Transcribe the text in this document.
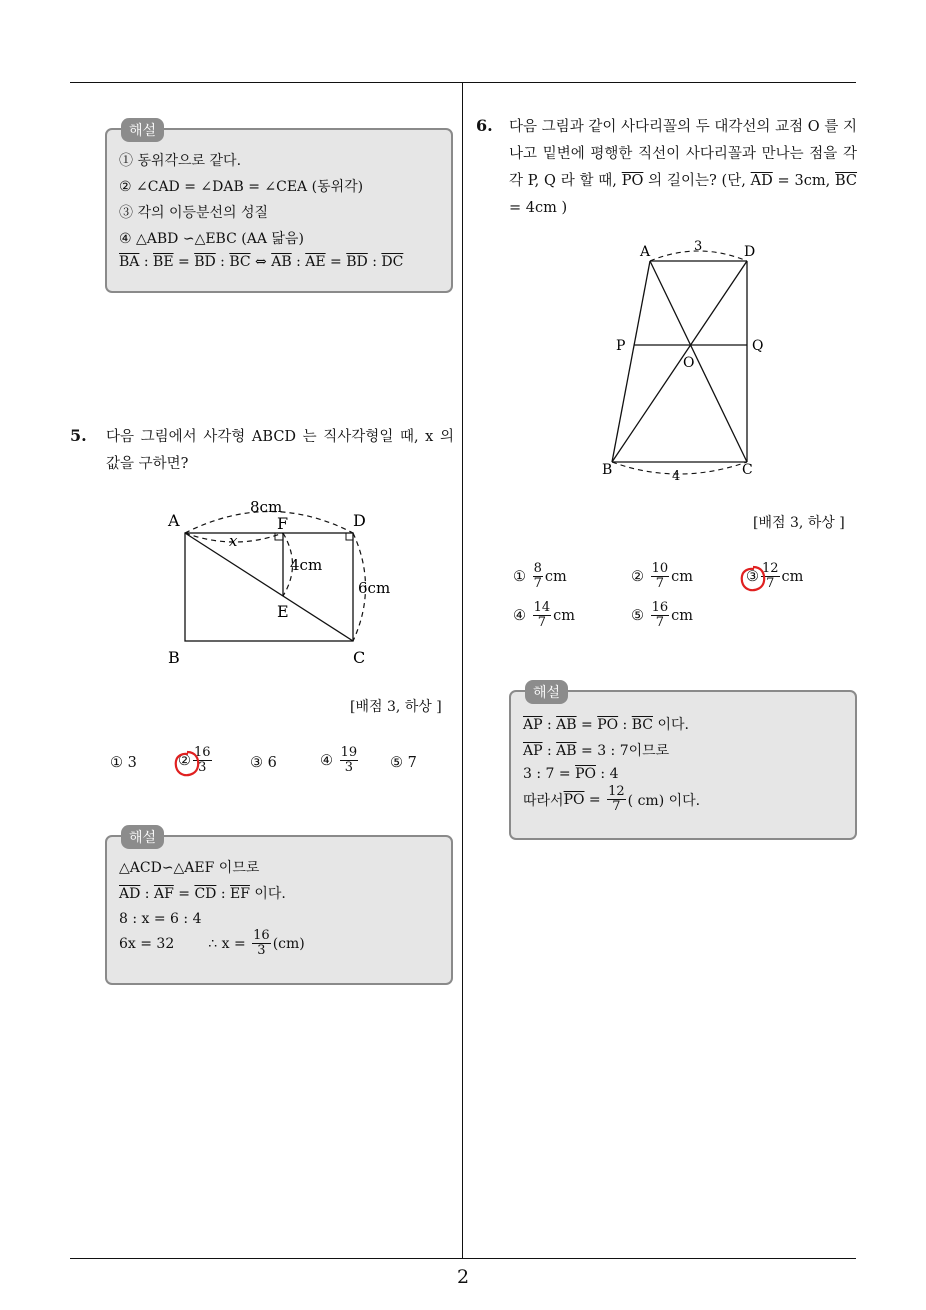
2
해설
① 동위각으로 같다.
② ∠CAD = ∠DAB = ∠CEA (동위각)
③ 각의 이등분선의 성질
④ △ABD ∽△EBC (AA 닮음)
$\overline{BA}$ : $\overline{BE} = \overline{BD}$ : $\overline{BC}$ ⇔ $\overline{AB}$ : $\overline{AE} = \overline{BD}$ : $\overline{DC}$
5. 다음 그림에서 사각형 ABCD 는 직사각형일 때, x 의 값을 구하면?
A	D
B	C
F
E
8cm
x
4cm
6cm
[배점 3, 하상 ]
①
3	② $\frac{16}{3}$	③
6	④
$\frac{19}{3}$ ⑤
7
해설
△ACD∽△AEF 이므로
$\overline{AD}$ : $\overline{AF} = \overline{CD}$ : $\overline{EF}$ 이다.
8 : x = 6 : 4
6x = 32 ∴ x =
$\frac{16}{3} (cm)$
6. 다음 그림과 같이 사다리꼴의 두 대각선의 교점 O 를 지나고 밑변에 평행한 직선이 사다리꼴과 만나는 점을 각각 P, Q 라 할 때, $\overline{PO}$ 의 길이는? (단, $\overline{AD} = 3cm$, $\overline{BC} = 4cm$ )
A	D
3
P	Q
O
B	C
4
[배점 3, 하상 ]
①
$\frac{8}{7}$ cm	②
$\frac{10}{7}$ cm	③ $\frac{12}{7}$ cm
④
$\frac{14}{7}$ cm	⑤
$\frac{16}{7}$ cm
해설
$\overline{AP}$ : $\overline{AB} = \overline{PO}$ : $\overline{BC}$ 이다.
$\overline{AP}$ : $\overline{AB} = 3$ : 7이므로
3 : $7 = \overline{PO}$ : 4
따라서 $\overline{PO} = \frac{12}{7}$ ( cm) 이다.
